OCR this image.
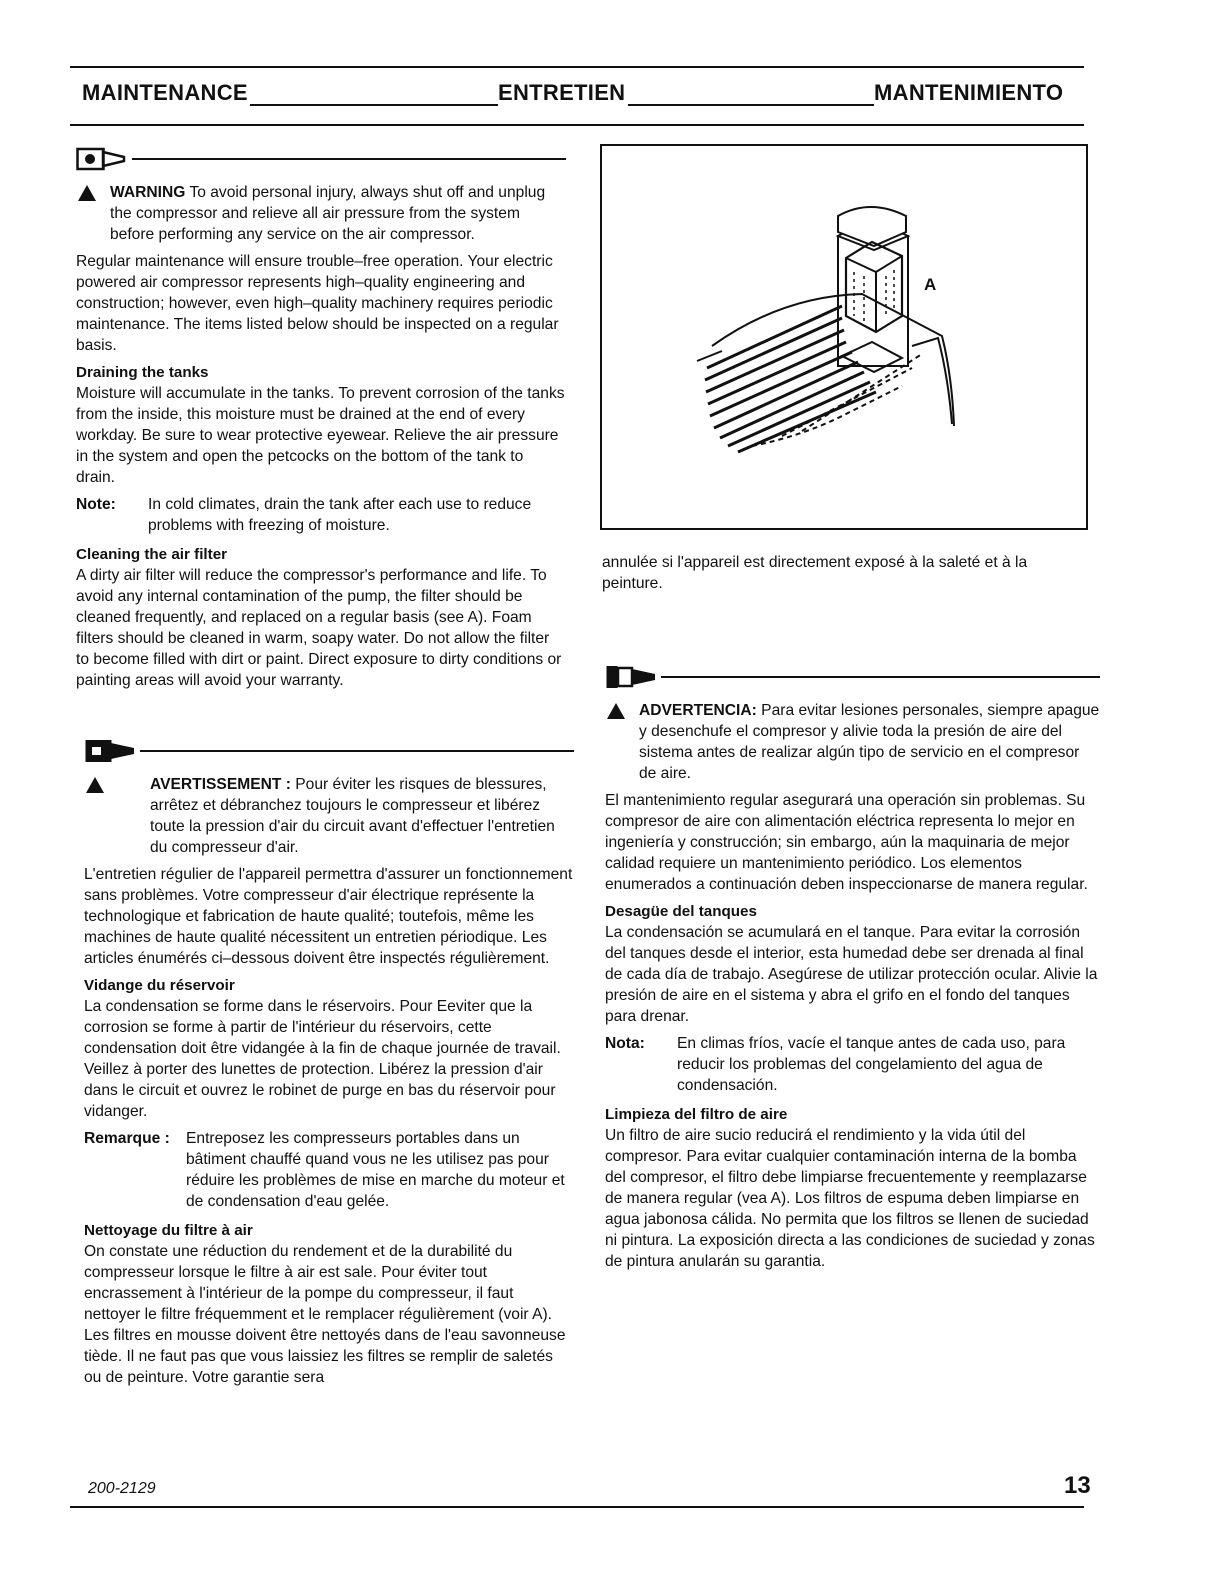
MAINTENANCE	ENTRETIEN	MANTENIMIENTO
WARNING To avoid personal injury, always shut off and unplug the compressor and relieve all air pressure from the system before performing any service on the air compressor.

Regular maintenance will ensure trouble–free operation. Your electric powered air compressor represents high–quality engineering and construction; however, even high–quality machinery requires periodic maintenance. The items listed below should be inspected on a regular basis.

Draining the tanks

Moisture will accumulate in the tanks. To prevent corrosion of the tanks from the inside, this moisture must be drained at the end of every workday. Be sure to wear protective eyewear. Relieve the air pressure in the system and open the petcocks on the bottom of the tank to drain.

Note:	In cold climates, drain the tank after each use to reduce problems with freezing of moisture.
Cleaning the air filter

A dirty air filter will reduce the compressor's performance and life. To avoid any internal contamination of the pump, the filter should be cleaned frequently, and replaced on a regular basis (see A). Foam filters should be cleaned in warm, soapy water. Do not allow the filter to become filled with dirt or paint. Direct exposure to dirty conditions or painting areas will avoid your warranty.

AVERTISSEMENT : Pour éviter les risques de blessures, arrêtez et débranchez toujours le compresseur et libérez toute la pression d'air du circuit avant d'effectuer l'entretien du compresseur d'air.

L'entretien régulier de l'appareil permettra d'assurer un fonctionnement sans problèmes. Votre compresseur d'air électrique représente la technologique et fabrication de haute qualité; toutefois, même les machines de haute qualité nécessitent un entretien périodique. Les articles énumérés ci–dessous doivent être inspectés régulièrement.

Vidange du réservoir

La condensation se forme dans le réservoirs. Pour Eeviter que la corrosion se forme à partir de l'intérieur du réservoirs, cette condensation doit être vidangée à la fin de chaque journée de travail. Veillez à porter des lunettes de protection. Libérez la pression d'air dans le circuit et ouvrez le robinet de purge en bas du réservoir pour vidanger.

Remarque :	Entreposez les compresseurs portables dans un bâtiment chauffé quand vous ne les utilisez pas pour réduire les problèmes de mise en marche du moteur et de condensation d'eau gelée.
Nettoyage du filtre à air

On constate une réduction du rendement et de la durabilité du compresseur lorsque le filtre à air est sale. Pour éviter tout encrassement à l'intérieur de la pompe du compresseur, il faut nettoyer le filtre fréquemment et le remplacer régulièrement (voir A). Les filtres en mousse doivent être nettoyés dans de l'eau savonneuse tiède. Il ne faut pas que vous laissiez les filtres se remplir de saletés ou de peinture. Votre garantie sera

A
annulée si l'appareil est directement exposé à la saleté et à la peinture.
ADVERTENCIA: Para evitar lesiones personales, siempre apague y desenchufe el compresor y alivie toda la presión de aire del sistema antes de realizar algún tipo de servicio en el compresor de aire.

El mantenimiento regular asegurará una operación sin problemas. Su compresor de aire con alimentación eléctrica representa lo mejor en ingeniería y construcción; sin embargo, aún la maquinaria de mejor calidad requiere un mantenimiento periódico. Los elementos enumerados a continuación deben inspeccionarse de manera regular.

Desagüe del tanques

La condensación se acumulará en el tanque. Para evitar la corrosión del tanques desde el interior, esta humedad debe ser drenada al final de cada día de trabajo. Asegúrese de utilizar protección ocular. Alivie la presión de aire en el sistema y abra el grifo en el fondo del tanques para drenar.

Nota:	En climas fríos, vacíe el tanque antes de cada uso, para reducir los problemas del congelamiento del agua de condensación.
Limpieza del filtro de aire

Un filtro de aire sucio reducirá el rendimiento y la vida útil del compresor. Para evitar cualquier contaminación interna de la bomba del compresor, el filtro debe limpiarse frecuentemente y reemplazarse de manera regular (vea A). Los filtros de espuma deben limpiarse en agua jabonosa cálida. No permita que los filtros se llenen de suciedad ni pintura. La exposición directa a las condiciones de suciedad y zonas de pintura anularán su garantia.

200-2129	13
